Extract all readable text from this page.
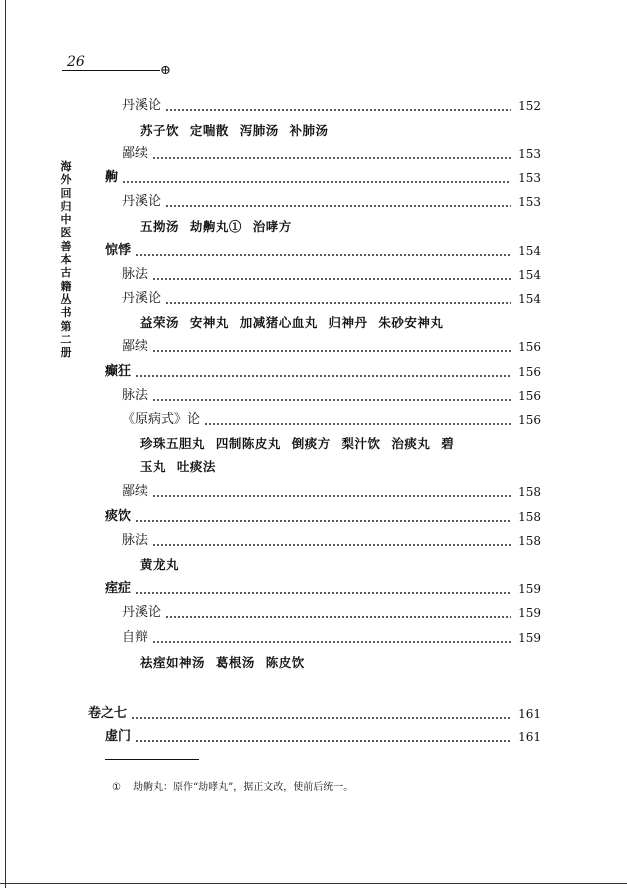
26
⊕
海外回归中医善本古籍丛书第二册
丹溪论	152
苏子饮 定喘散 泻肺汤 补肺汤
鄙续	153
齁	153
丹溪论	153
五拗汤 劫齁丸① 治哮方
惊悸	154
脉法	154
丹溪论	154
益荣汤 安神丸 加减猪心血丸 归神丹 朱砂安神丸
鄙续	156
癫狂	156
脉法	156
《原病式》论	156
珍珠五胆丸 四制陈皮丸 倒痰方 梨汁饮 治痰丸 碧
玉丸 吐痰法
鄙续	158
痰饮	158
脉法	158
黄龙丸
痓症	159
丹溪论	159
自辩	159
祛痓如神汤 葛根汤 陈皮饮
卷之七	161
虚门	161
① 劫齁丸：原作“劫哮丸”，据正文改，使前后统一。
